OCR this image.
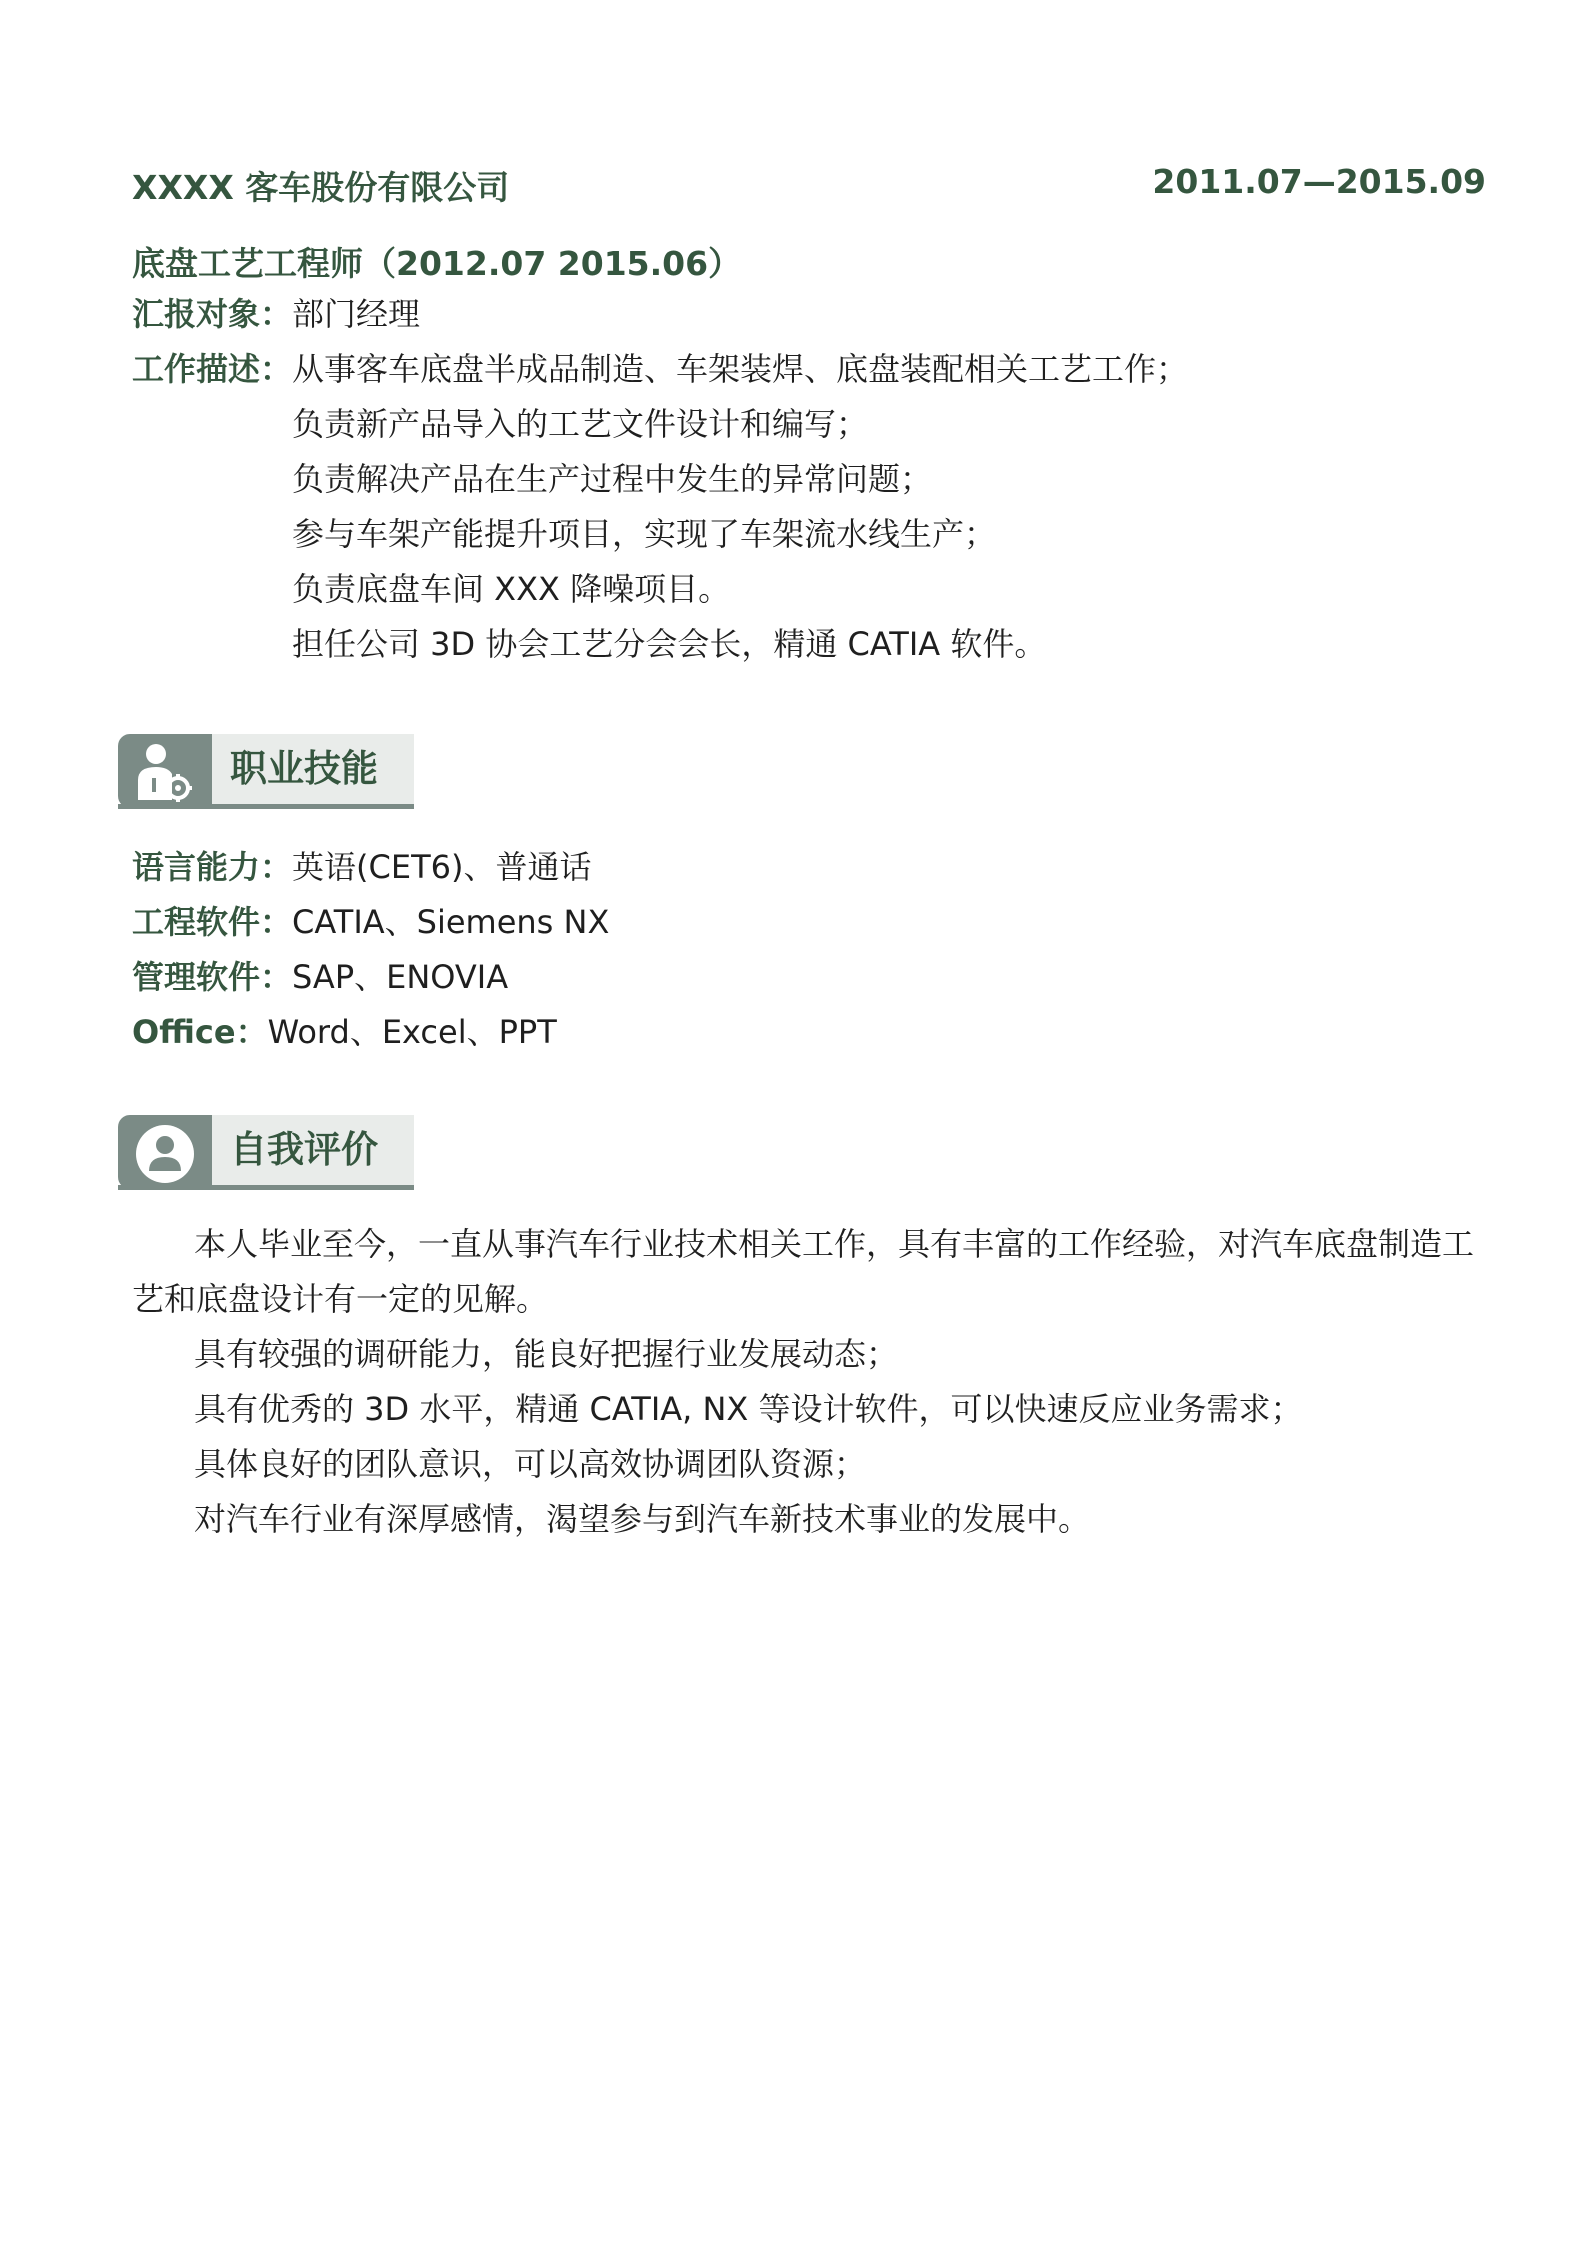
XXXX 客车股份有限公司	2011.07—2015.09
底盘工艺工程师（2012.07 2015.06）
汇报对象：部门经理
工作描述：从事客车底盘半成品制造、车架装焊、底盘装配相关工艺工作；
负责新产品导入的工艺文件设计和编写；
负责解决产品在生产过程中发生的异常问题；
参与车架产能提升项目，实现了车架流水线生产；
负责底盘车间 XXX 降噪项目。
担任公司 3D 协会工艺分会会长，精通 CATIA 软件。
职业技能
语言能力：英语(CET6)、普通话
工程软件：CATIA、Siemens NX
管理软件：SAP、ENOVIA
Office：Word、Excel、PPT
自我评价
本人毕业至今，一直从事汽车行业技术相关工作，具有丰富的工作经验，对汽车底盘制造工
艺和底盘设计有一定的见解。
具有较强的调研能力，能良好把握行业发展动态；
具有优秀的 3D 水平，精通 CATIA, NX 等设计软件，可以快速反应业务需求；
具体良好的团队意识，可以高效协调团队资源；
对汽车行业有深厚感情，渴望参与到汽车新技术事业的发展中。
